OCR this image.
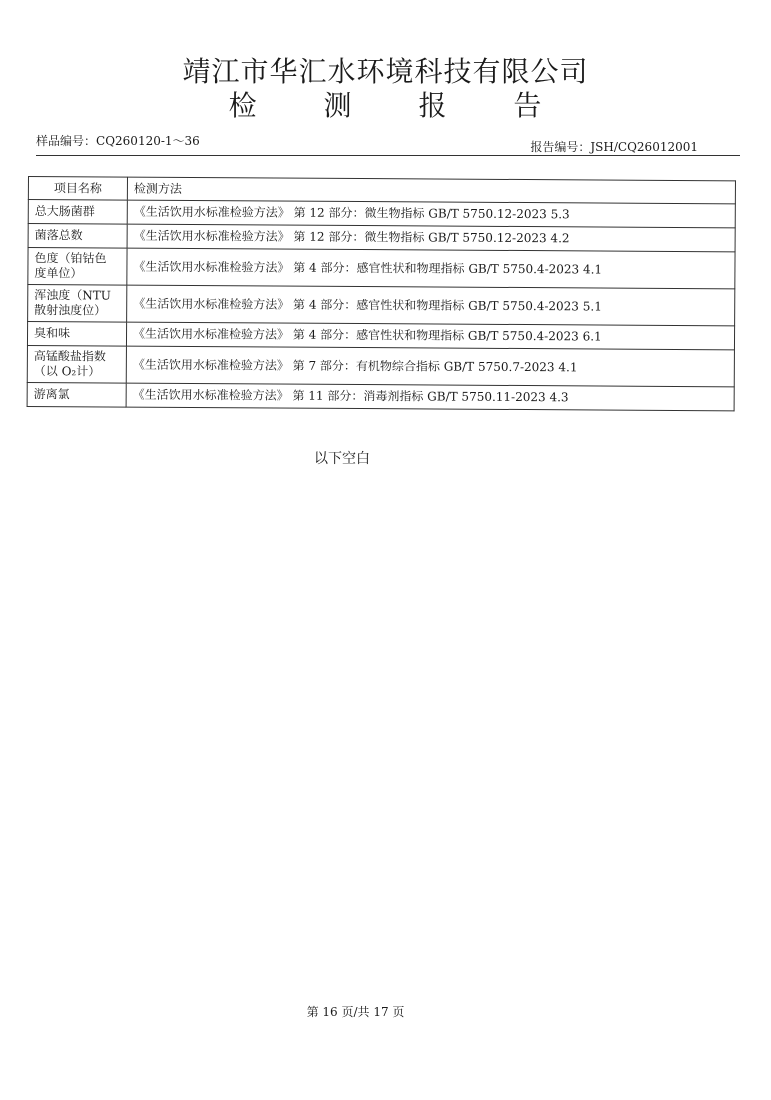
靖江市华汇水环境科技有限公司
检 测 报 告
样品编号：CQ260120-1～36	报告编号：JSH/CQ26012001
项目名称	检测方法
总大肠菌群	《生活饮用水标准检验方法》 第 12 部分：微生物指标 GB/T 5750.12-2023 5.3
菌落总数	《生活饮用水标准检验方法》 第 12 部分：微生物指标 GB/T 5750.12-2023 4.2
色度（铂钴色
度单位）	《生活饮用水标准检验方法》 第 4 部分：感官性状和物理指标 GB/T 5750.4-2023 4.1
浑浊度（NTU
散射浊度位）	《生活饮用水标准检验方法》 第 4 部分：感官性状和物理指标 GB/T 5750.4-2023 5.1
臭和味	《生活饮用水标准检验方法》 第 4 部分：感官性状和物理指标 GB/T 5750.4-2023 6.1
高锰酸盐指数
（以 O₂计）	《生活饮用水标准检验方法》 第 7 部分：有机物综合指标 GB/T 5750.7-2023 4.1
游离氯	《生活饮用水标准检验方法》 第 11 部分：消毒剂指标 GB/T 5750.11-2023 4.3
以下空白
第 16 页/共 17 页
